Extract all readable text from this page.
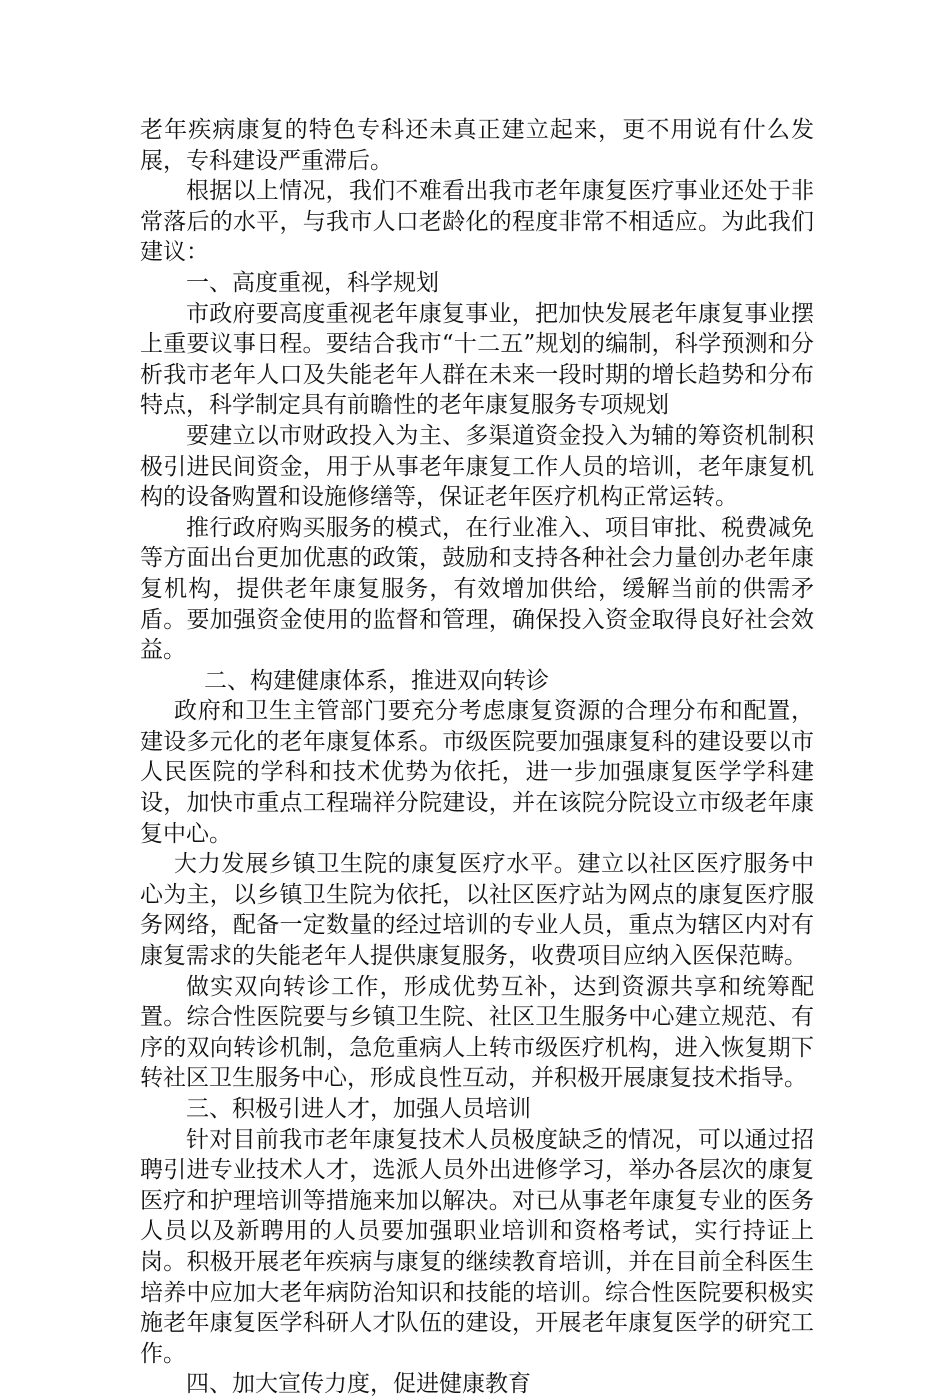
老年疾病康复的特色专科还未真正建立起来，更不用说有什么发展，专科建设严重滞后。

根据以上情况，我们不难看出我市老年康复医疗事业还处于非常落后的水平，与我市人口老龄化的程度非常不相适应。为此我们建议：

一、高度重视，科学规划

市政府要高度重视老年康复事业，把加快发展老年康复事业摆上重要议事日程。要结合我市“十二五”规划的编制，科学预测和分析我市老年人口及失能老年人群在未来一段时期的增长趋势和分布特点，科学制定具有前瞻性的老年康复服务专项规划

要建立以市财政投入为主、多渠道资金投入为辅的筹资机制积极引进民间资金，用于从事老年康复工作人员的培训，老年康复机构的设备购置和设施修缮等，保证老年医疗机构正常运转。

推行政府购买服务的模式，在行业准入、项目审批、税费减免等方面出台更加优惠的政策，鼓励和支持各种社会力量创办老年康复机构，提供老年康复服务，有效增加供给，缓解当前的供需矛盾。要加强资金使用的监督和管理，确保投入资金取得良好社会效益。

二、构建健康体系，推进双向转诊

政府和卫生主管部门要充分考虑康复资源的合理分布和配置，建设多元化的老年康复体系。市级医院要加强康复科的建设要以市人民医院的学科和技术优势为依托，进一步加强康复医学学科建设，加快市重点工程瑞祥分院建设，并在该院分院设立市级老年康复中心。

大力发展乡镇卫生院的康复医疗水平。建立以社区医疗服务中心为主，以乡镇卫生院为依托，以社区医疗站为网点的康复医疗服务网络，配备一定数量的经过培训的专业人员，重点为辖区内对有康复需求的失能老年人提供康复服务，收费项目应纳入医保范畴。

做实双向转诊工作，形成优势互补，达到资源共享和统筹配置。综合性医院要与乡镇卫生院、社区卫生服务中心建立规范、有序的双向转诊机制，急危重病人上转市级医疗机构，进入恢复期下转社区卫生服务中心，形成良性互动，并积极开展康复技术指导。

三、积极引进人才，加强人员培训

针对目前我市老年康复技术人员极度缺乏的情况，可以通过招聘引进专业技术人才，选派人员外出进修学习，举办各层次的康复医疗和护理培训等措施来加以解决。对已从事老年康复专业的医务人员以及新聘用的人员要加强职业培训和资格考试，实行持证上岗。积极开展老年疾病与康复的继续教育培训，并在目前全科医生培养中应加大老年病防治知识和技能的培训。综合性医院要积极实施老年康复医学科研人才队伍的建设，开展老年康复医学的研究工作。

四、加大宣传力度，促进健康教育
